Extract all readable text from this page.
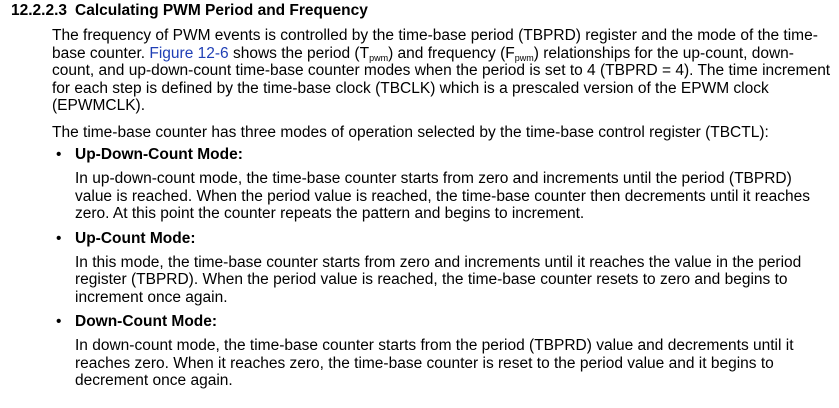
12.2.2.3 Calculating PWM Period and Frequency

The frequency of PWM events is controlled by the time-base period (TBPRD) register and the mode of the time-base counter. Figure 12-6 shows the period $(T_{pwm})$ and frequency $(F_{pwm})$ relationships for the up-count, down-count, and up-down-count time-base counter modes when the period is set to 4 (TBPRD = 4). The time increment for each step is defined by the time-base clock (TBCLK) which is a prescaled version of the EPWM clock (EPWMCLK).

The time-base counter has three modes of operation selected by the time-base control register (TBCTL):

• Up-Down-Count Mode:

In up-down-count mode, the time-base counter starts from zero and increments until the period (TBPRD) value is reached. When the period value is reached, the time-base counter then decrements until it reaches zero. At this point the counter repeats the pattern and begins to increment.

• Up-Count Mode:

In this mode, the time-base counter starts from zero and increments until it reaches the value in the period register (TBPRD). When the period value is reached, the time-base counter resets to zero and begins to increment once again.

• Down-Count Mode:

In down-count mode, the time-base counter starts from the period (TBPRD) value and decrements until it reaches zero. When it reaches zero, the time-base counter is reset to the period value and it begins to decrement once again.
